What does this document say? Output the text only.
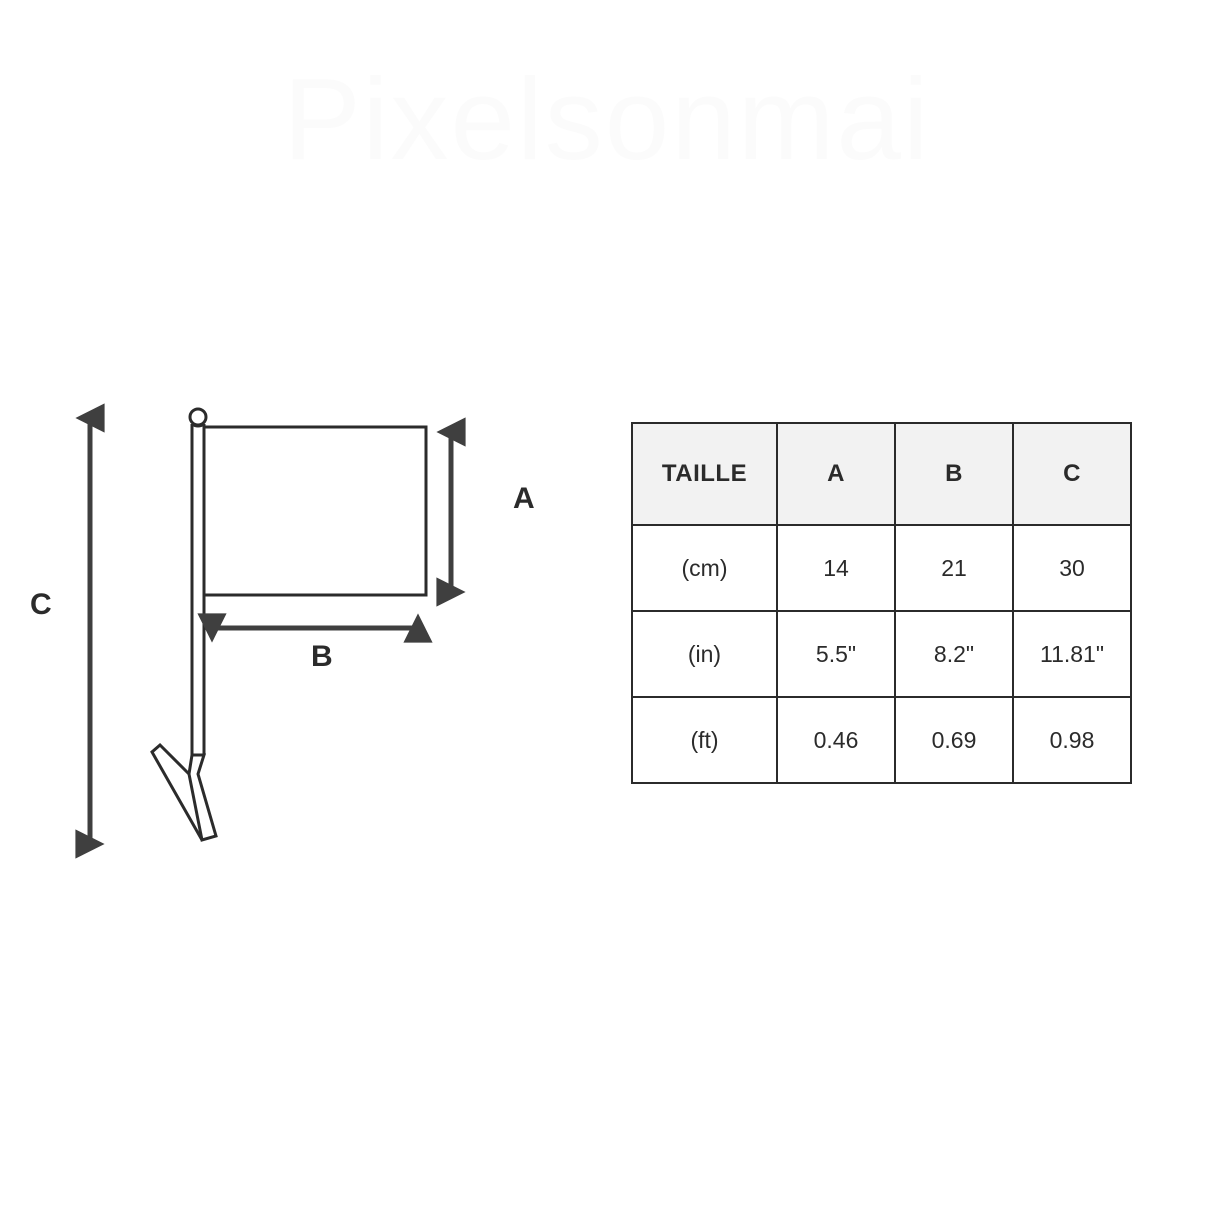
Pixelsonmai
C
A
B
TAILLE	A	B	C
(cm)	14	21	30
(in)	5.5"	8.2"	11.81"
(ft)	0.46	0.69	0.98
